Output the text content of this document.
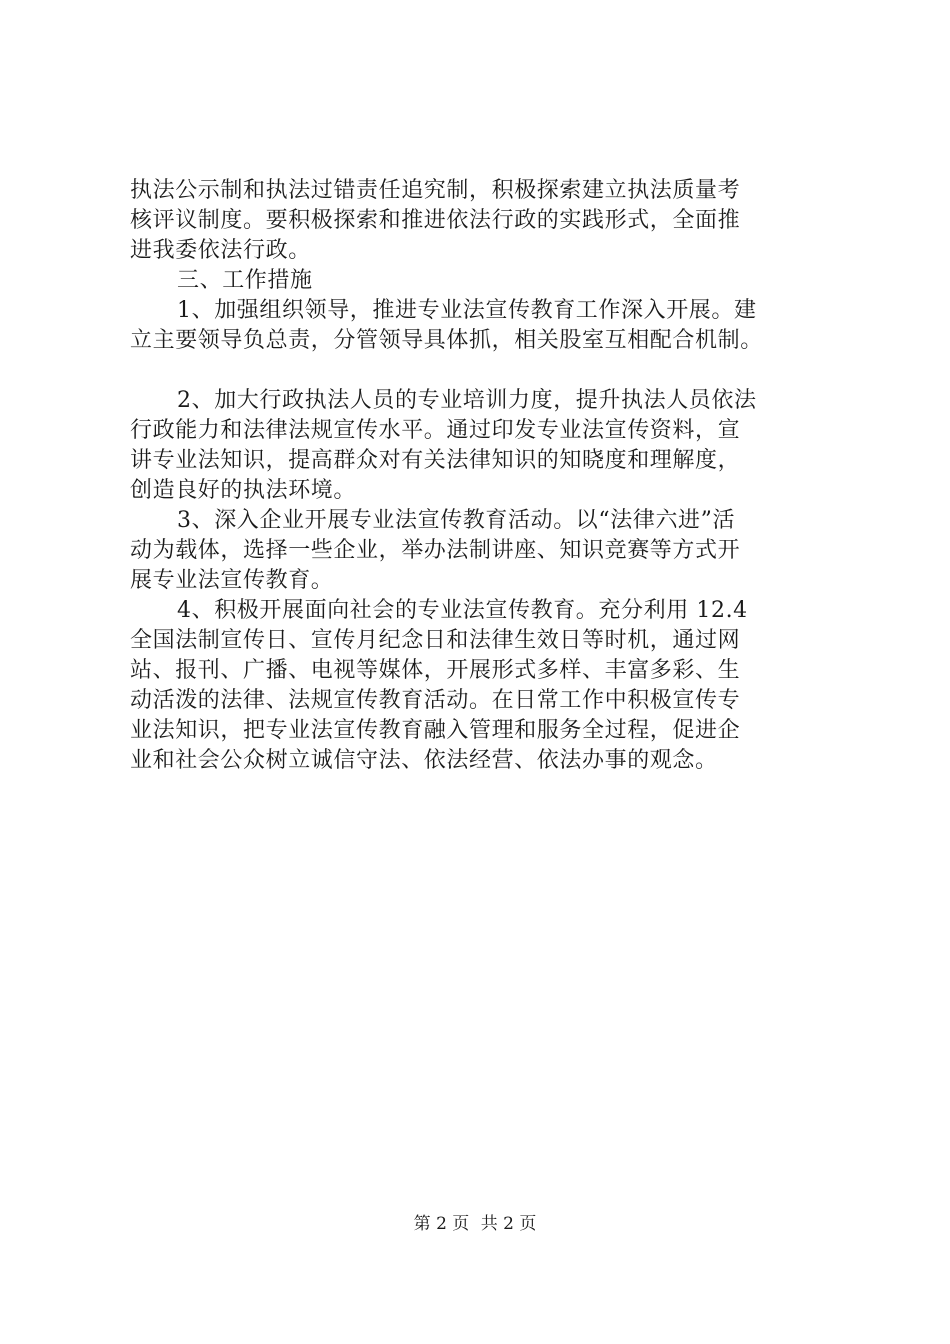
执法公示制和执法过错责任追究制，积极探索建立执法质量考
核评议制度。要积极探索和推进依法行政的实践形式，全面推
进我委依法行政。
三、工作措施
1、加强组织领导，推进专业法宣传教育工作深入开展。建
立主要领导负总责，分管领导具体抓，相关股室互相配合机制。
2、加大行政执法人员的专业培训力度，提升执法人员依法
行政能力和法律法规宣传水平。通过印发专业法宣传资料，宣
讲专业法知识，提高群众对有关法律知识的知晓度和理解度，
创造良好的执法环境。
3、深入企业开展专业法宣传教育活动。以“法律六进”活
动为载体，选择一些企业，举办法制讲座、知识竞赛等方式开
展专业法宣传教育。
4、积极开展面向社会的专业法宣传教育。充分利用 12.4
全国法制宣传日、宣传月纪念日和法律生效日等时机，通过网
站、报刊、广播、电视等媒体，开展形式多样、丰富多彩、生
动活泼的法律、法规宣传教育活动。在日常工作中积极宣传专
业法知识，把专业法宣传教育融入管理和服务全过程，促进企
业和社会公众树立诚信守法、依法经营、依法办事的观念。
第 2 页 共 2 页
